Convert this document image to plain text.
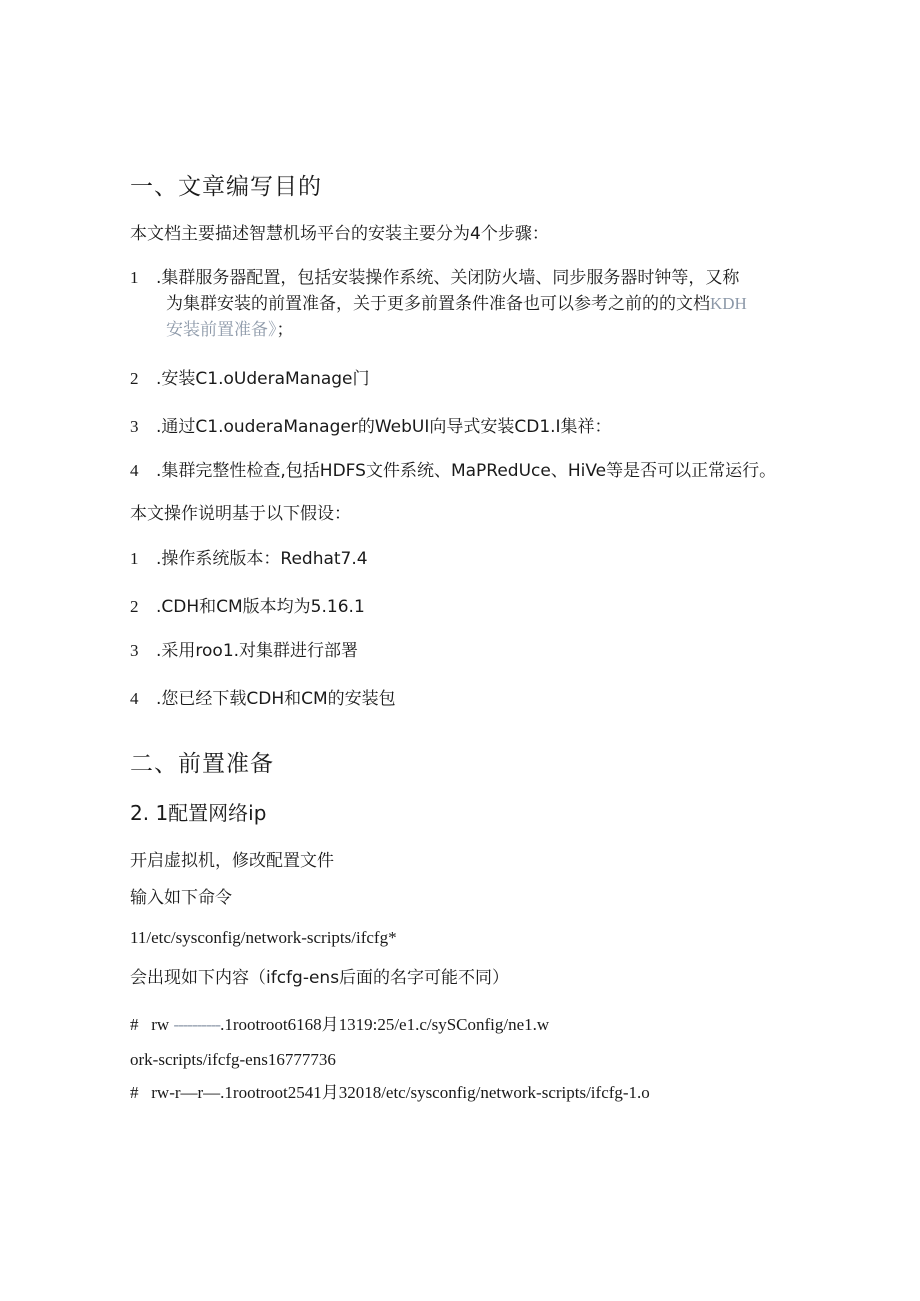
一、文章编写目的
本文档主要描述智慧机场平台的安装主要分为4个步骤：
1 .集群服务器配置，包括安装操作系统、关闭防火墙、同步服务器时钟等，又称
为集群安装的前置准备，关于更多前置条件准备也可以参考之前的的文档KDH
安装前置准备》；
2 .安装C1.oUderaManage门
3 .通过C1.ouderaManager的WebUI向导式安装CD1.I集祥：
4 .集群完整性检查,包括HDFS文件系统、MaPRedUce、HiVe等是否可以正常运行。
本文操作说明基于以下假设：
1 .操作系统版本：Redhat7.4
2 .CDH和CM版本均为5.16.1
3 .采用roo1.对集群进行部署
4 .您已经下载CDH和CM的安装包
二、前置准备
2. 1配置网络ip
开启虚拟机，修改配置文件
输入如下命令
11/etc/sysconfig/network-scripts/ifcfg*
会出现如下内容（ifcfg-ens后面的名字可能不同）
# rw ----------.1rootroot6168月1319:25/e1.c/sySConfig/ne1.w
ork-scripts/ifcfg-ens16777736
# rw-r—r—.1rootroot2541月32018/etc/sysconfig/network-scripts/ifcfg-1.o
